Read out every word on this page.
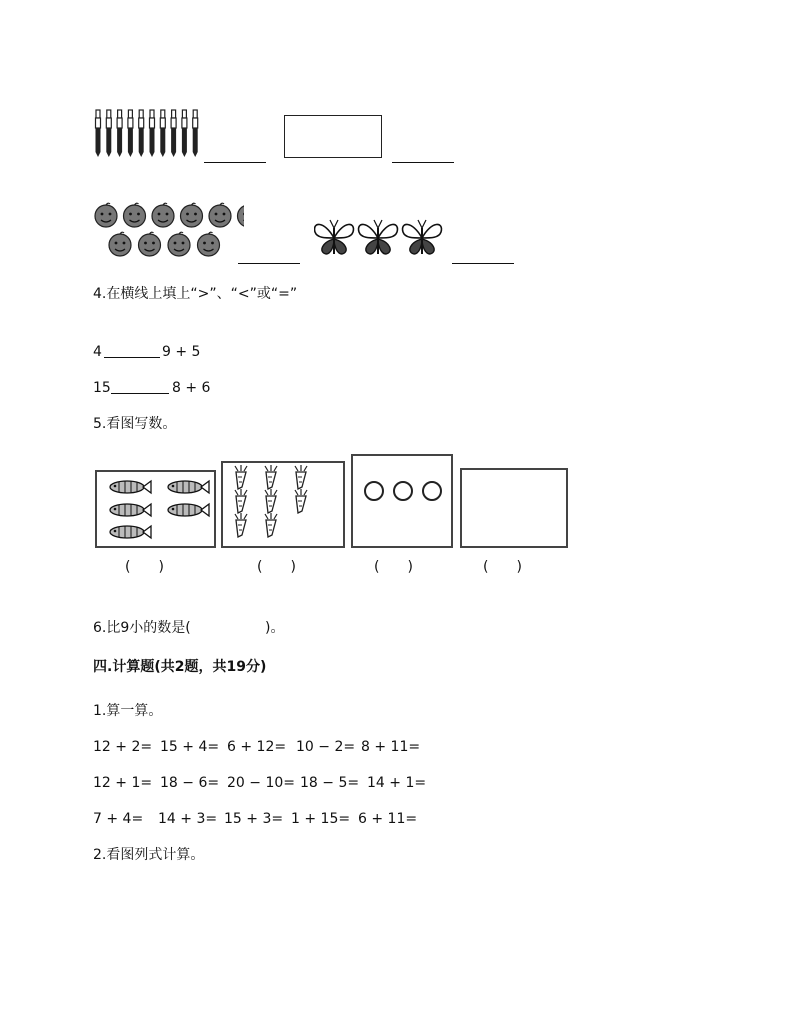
4.在横线上填上“>”、“<”或“=”
4	9 + 5
15	8 + 6
5.看图写数。
(　　)	(　　)	(　　)	(　　)
6.比9小的数是(	)。
四.计算题(共2题，共19分)
1.算一算。
12 + 2= 15 + 4= 6 + 12= 10 − 2= 8 + 11=
12 + 1= 18 − 6= 20 − 10= 18 − 5= 14 + 1=
7 + 4= 14 + 3= 15 + 3= 1 + 15= 6 + 11=
2.看图列式计算。
